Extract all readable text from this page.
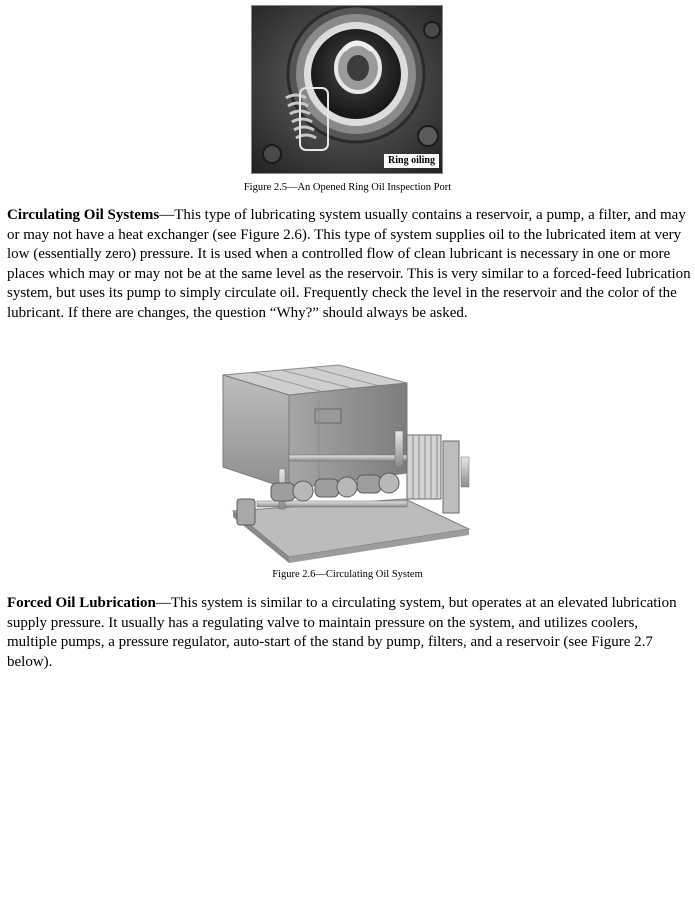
Ring oiling
Figure 2.5—An Opened Ring Oil Inspection Port

Circulating Oil Systems—This type of lubricating system usually contains a reservoir, a pump, a filter, and may or may not have a heat exchanger (see Figure 2.6). This type of system supplies oil to the lubricated item at very low (essentially zero) pressure. It is used when a controlled flow of clean lubricant is necessary in one or more places which may or may not be at the same level as the reservoir. This is very similar to a forced-feed lubrication system, but uses its pump to simply circulate oil. Frequently check the level in the reservoir and the color of the lubricant. If there are changes, the question “Why?” should always be asked.

Figure 2.6—Circulating Oil System

Forced Oil Lubrication—This system is similar to a circulating system, but operates at an elevated lubrication supply pressure. It usually has a regulating valve to maintain pressure on the system, and utilizes coolers, multiple pumps, a pressure regulator, auto-start of the stand by pump, filters, and a reservoir (see Figure 2.7 below).
